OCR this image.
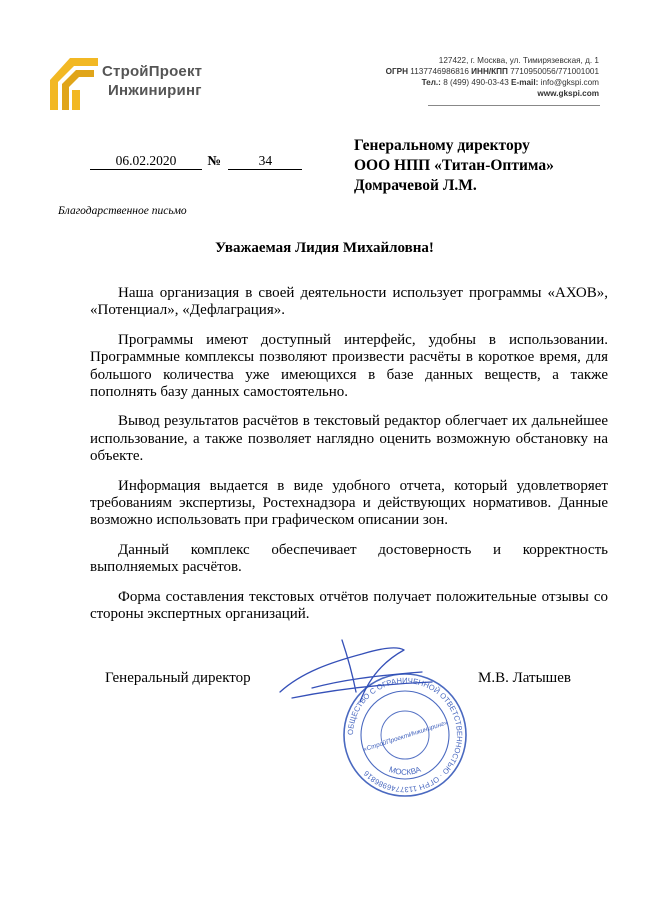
СтройПроект
Инжиниринг
127422, г. Москва, ул. Тимирязевская, д. 1
ОГРН 1137746986816 ИНН/КПП 7710950056/771001001
Тел.: 8 (499) 490-03-43 E-mail: info@gkspi.com
www.gkspi.com
Генеральному директору
ООО НПП «Титан-Оптима»
Домрачевой Л.М.
06.02.2020 №	34
Благодарственное письмо
Уважаемая Лидия Михайловна!

Наша организация в своей деятельности использует программы «АХОВ», «Потенциал», «Дефлаграция».

Программы имеют доступный интерфейс, удобны в использовании. Программные комплексы позволяют произвести расчёты в короткое время, для большого количества уже имеющихся в базе данных веществ, а также пополнять базу данных самостоятельно.

Вывод результатов расчётов в текстовый редактор облегчает их дальнейшее использование, а также позволяет наглядно оценить возможную обстановку на объекте.

Информация выдается в виде удобного отчета, который удовлетворяет требованиям экспертизы, Ростехнадзора и действующих нормативов. Данные возможно использовать при графическом описании зон.

Данный комплекс обеспечивает достоверность и корректность выполняемых расчётов.

Форма составления текстовых отчётов получает положительные отзывы со стороны экспертных организаций.

Генеральный директор	М.В. Латышев
ОБЩЕСТВО С ОГРАНИЧЕННОЙ ОТВЕТСТВЕННОСТЬЮ · ОГРН 1137746986816	МОСКВА
«СтройПроектИнжиниринг»
